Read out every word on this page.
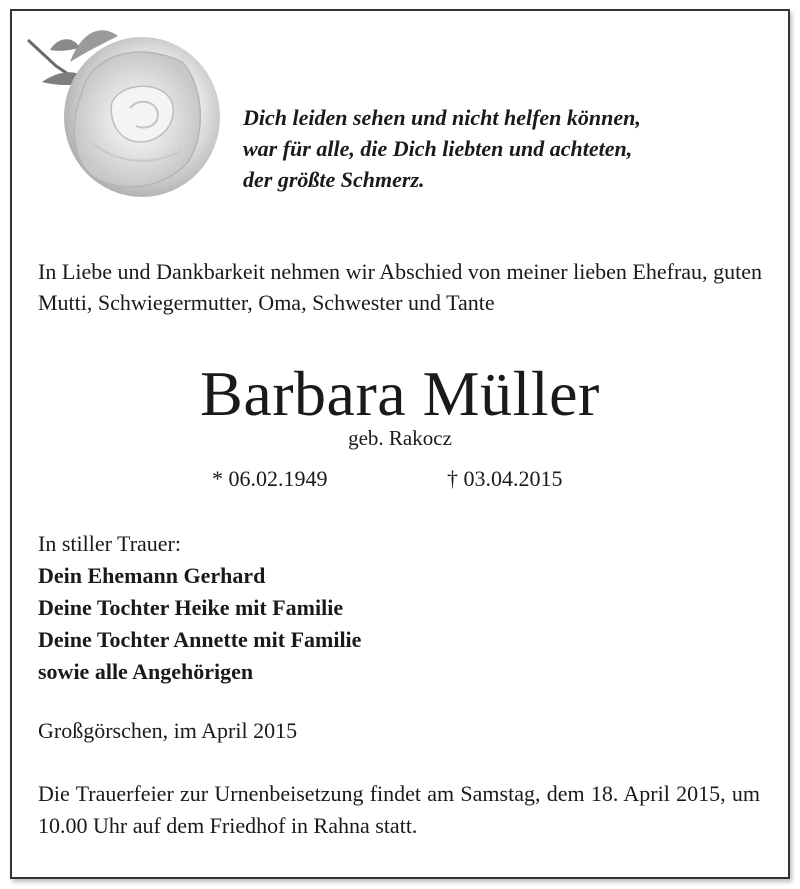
Dich leiden sehen und nicht helfen können,
war für alle, die Dich liebten und achteten,
der größte Schmerz.
In Liebe und Dankbarkeit nehmen wir Abschied von meiner lieben Ehefrau, guten Mutti, Schwiegermutter, Oma, Schwester und Tante
Barbara Müller
geb. Rakocz
* 06.02.1949	† 03.04.2015
In stiller Trauer:
Dein Ehemann Gerhard
Deine Tochter Heike mit Familie
Deine Tochter Annette mit Familie
sowie alle Angehörigen
Großgörschen, im April 2015
Die Trauerfeier zur Urnenbeisetzung findet am Samstag, dem 18. April 2015, um 10.00 Uhr auf dem Friedhof in Rahna statt.
